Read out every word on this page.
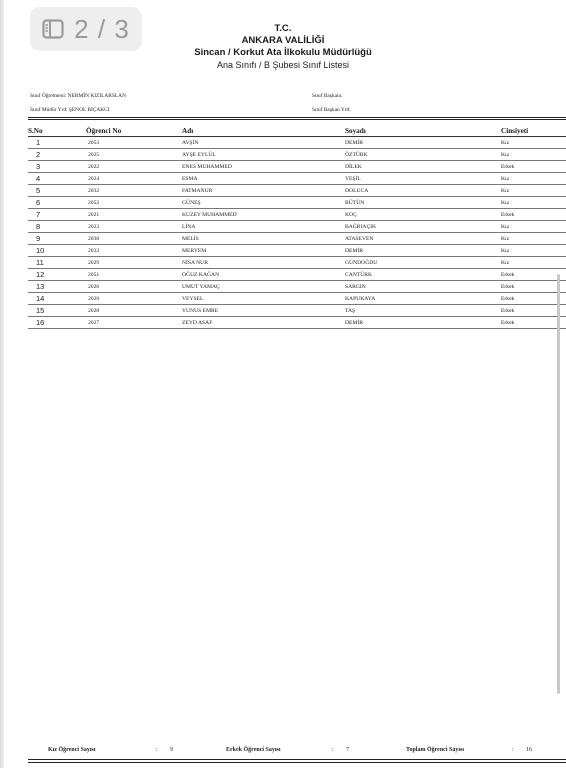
2 / 3	T.C.
ANKARA VALİLİĞİ
Sincan / Korkut Ata İlkokulu Müdürlüğü
Ana Sınıfı / B Şubesi Sınıf Listesi
Sınıf Öğretmeni: NERMİN KIZILARSLAN
Sınıf Müdür Yrd: ŞENOL BIÇAKCI
Sınıf Başkanı:
Sınıf Başkan Yrd:
S.No	Öğrenci No	Adı	Soyadı	Cinsiyeti
1	2053	AVŞİN	DEMİR	Kız
2	2025	AYŞE EYLÜL	ÖZTÜRK	Kız
3	2022	ENES MUHAMMED	DİLEK	Erkek
4	2024	ESMA	YEŞİL	Kız
5	2032	FATMANUR	DOLUCA	Kız
6	2052	GÜNEŞ	BÜTÜN	Kız
7	2021	KUZEY MUHAMMED	KOÇ	Erkek
8	2023	LİNA	BAĞRIAÇIK	Kız
9	2030	MELİS	ATASEVEN	Kız
10	2033	MERYEM	DEMİR	Kız
11	2029	NİSA NUR	GÜNDOĞDU	Kız
12	2051	OĞUZ KAĞAN	CANTÜRK	Erkek
13	2020	UMUT YAMAÇ	SARGIN	Erkek
14	2026	VEYSEL	KAPUKAYA	Erkek
15	2028	YUNUS EMRE	TAŞ	Erkek
16	2027	ZEYD ASAF	DEMİR	Erkek
Kız Öğrenci Sayısı	: 9	Erkek Öğrenci Sayısı	: 7	Toplam Öğrenci Sayısı	: 16
